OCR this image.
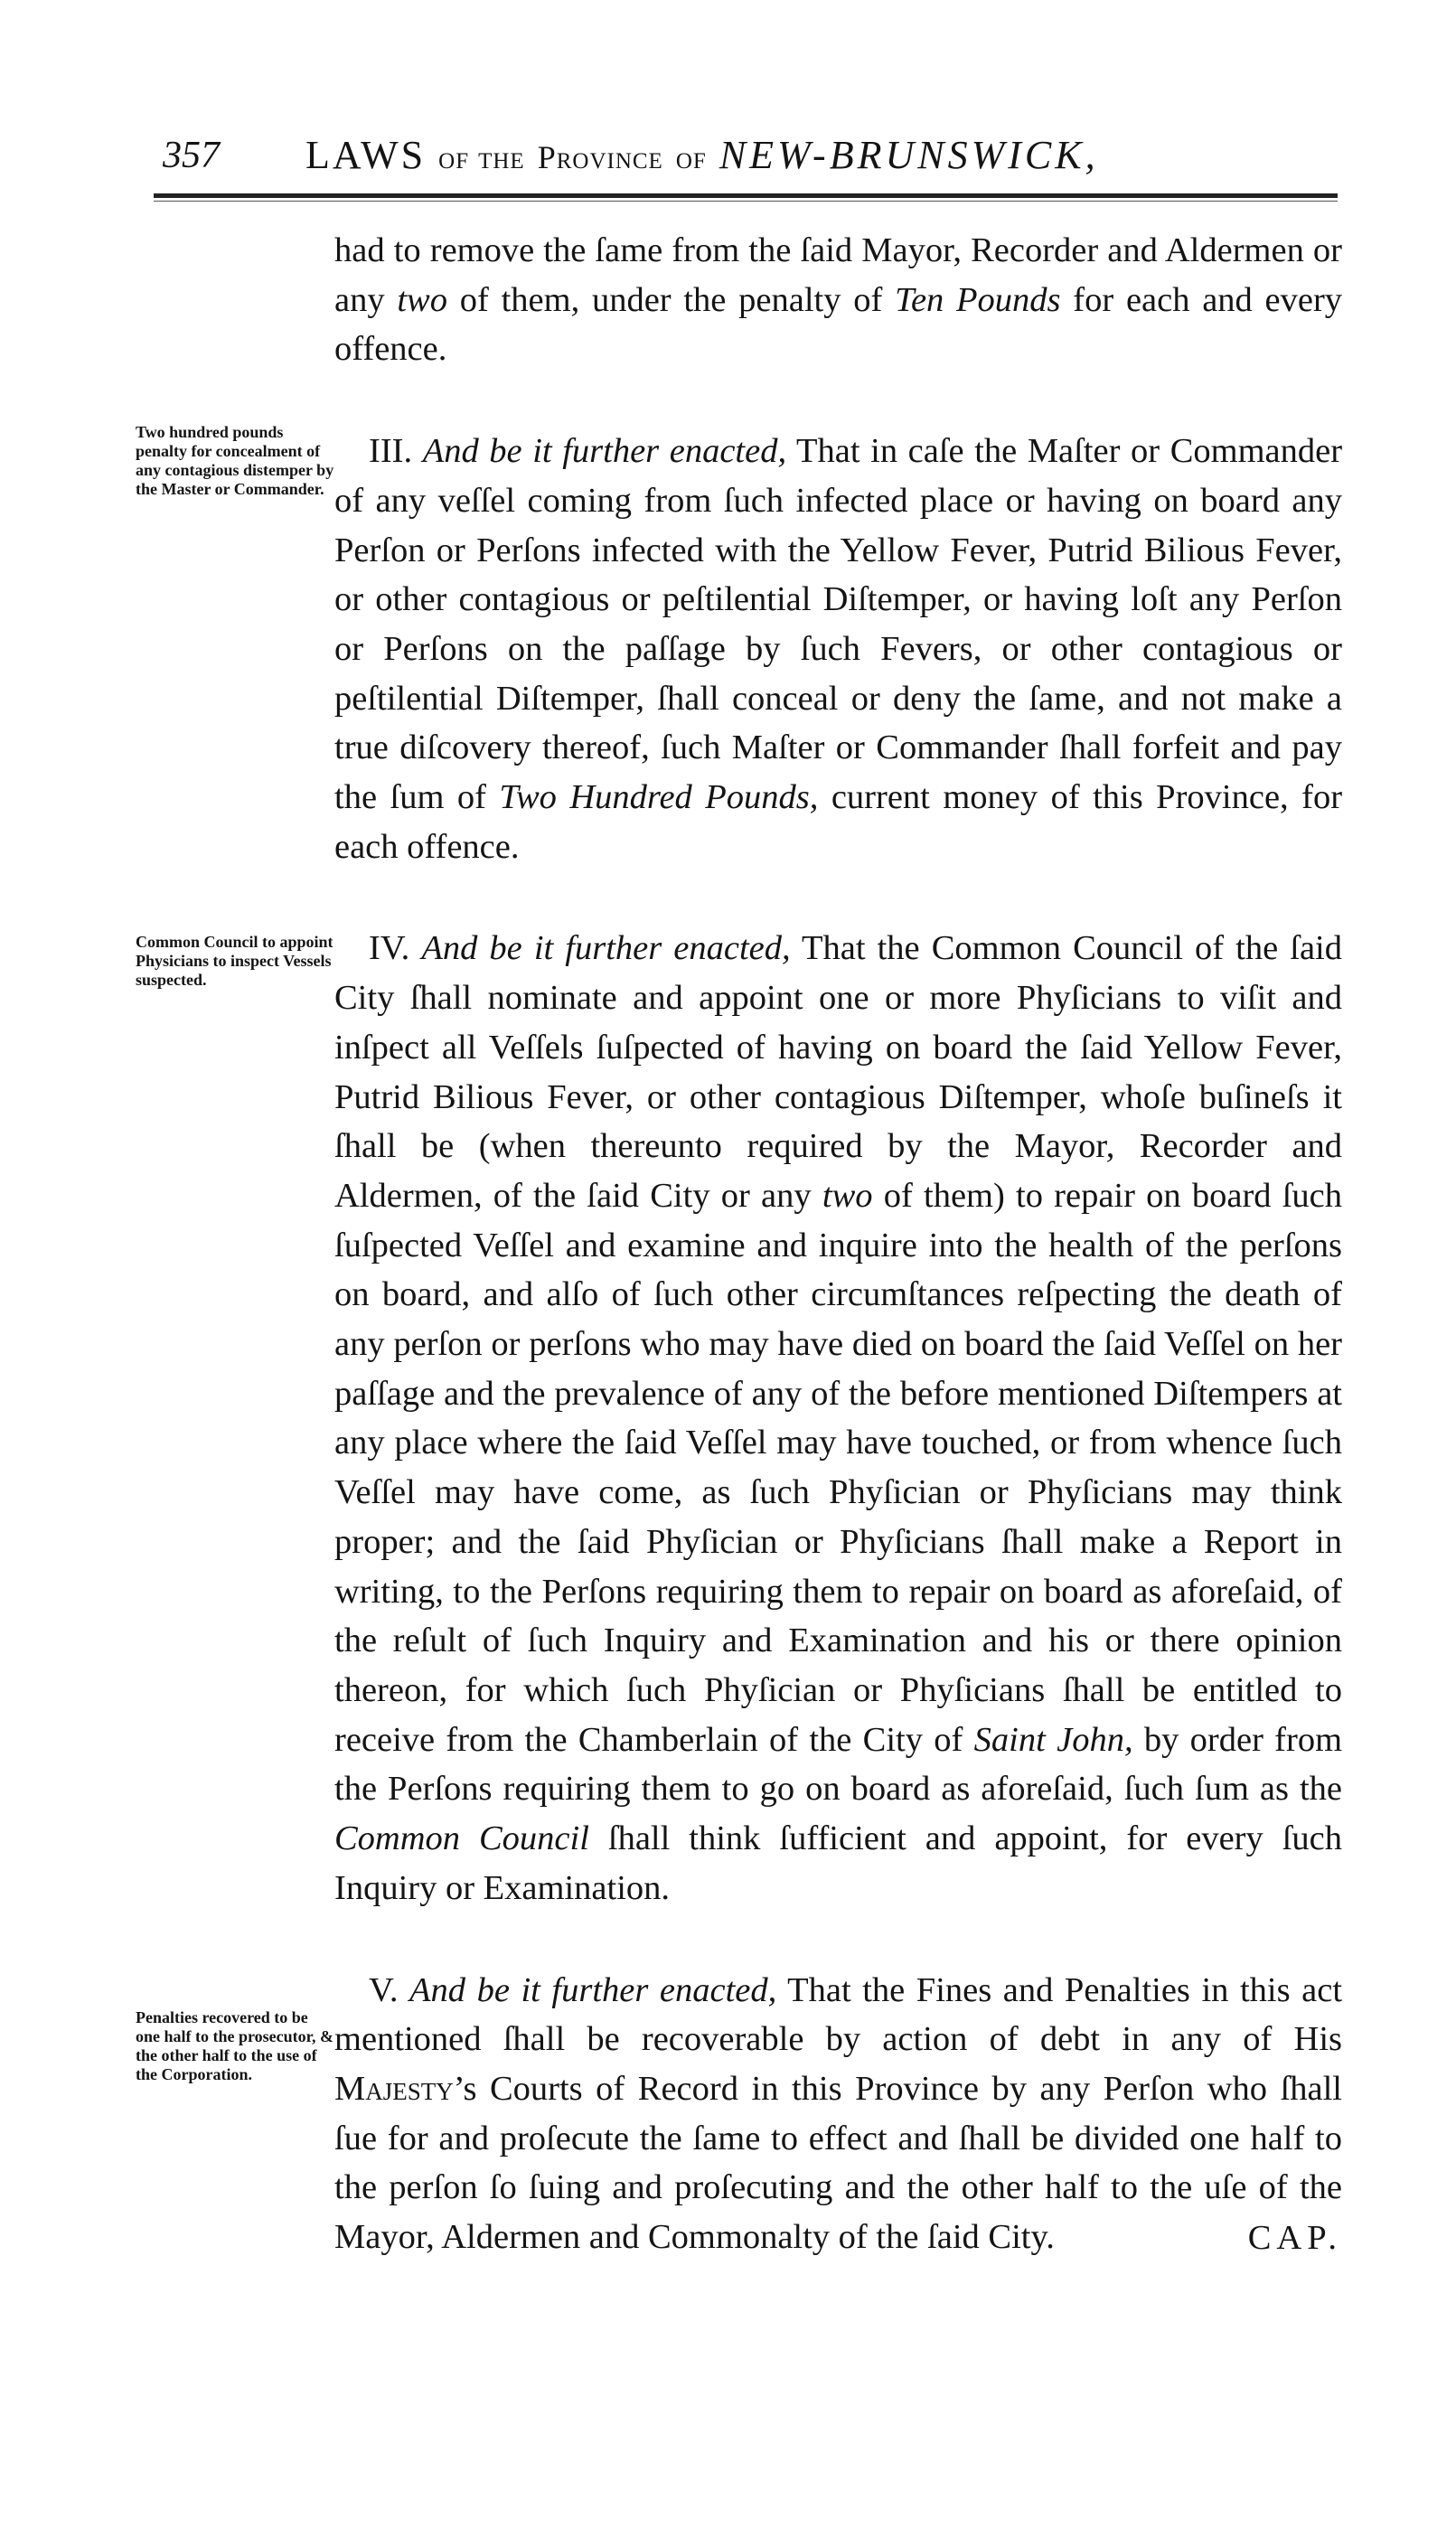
357 LAWS of the Province of NEW-BRUNSWICK,
Two hundred pounds penalty for concealment of any contagious distemper by the Master or Commander.
Common Council to appoint Physicians to inspect Vessels suspected.
Penalties recovered to be one half to the prosecutor, & the other half to the use of the Corporation.

had to remove the ſame from the ſaid Mayor, Recorder and Aldermen or any two of them, under the penalty of Ten Pounds for each and every offence.

III. And be it further enacted, That in caſe the Maſter or Commander of any veſſel coming from ſuch infected place or having on board any Perſon or Perſons infected with the Yellow Fever, Putrid Bilious Fever, or other contagious or peſtilential Diſtemper, or having loſt any Perſon or Perſons on the paſſage by ſuch Fevers, or other contagious or peſtilential Diſtemper, ſhall conceal or deny the ſame, and not make a true diſcovery thereof, ſuch Maſter or Commander ſhall forfeit and pay the ſum of Two Hundred Pounds, current money of this Province, for each offence.

IV. And be it further enacted, That the Common Council of the ſaid City ſhall nominate and appoint one or more Phyſicians to viſit and inſpect all Veſſels ſuſpected of having on board the ſaid Yellow Fever, Putrid Bilious Fever, or other contagious Diſtemper, whoſe buſineſs it ſhall be (when thereunto required by the Mayor, Recorder and Aldermen, of the ſaid City or any two of them) to repair on board ſuch ſuſpected Veſſel and examine and inquire into the health of the perſons on board, and alſo of ſuch other circumſtances reſpecting the death of any perſon or perſons who may have died on board the ſaid Veſſel on her paſſage and the prevalence of any of the before mentioned Diſtempers at any place where the ſaid Veſſel may have touched, or from whence ſuch Veſſel may have come, as ſuch Phyſician or Phyſicians may think proper; and the ſaid Phyſician or Phyſicians ſhall make a Report in writing, to the Perſons requiring them to repair on board as aforeſaid, of the reſult of ſuch Inquiry and Examination and his or there opinion thereon, for which ſuch Phyſician or Phyſicians ſhall be entitled to receive from the Chamberlain of the City of Saint John, by order from the Perſons requiring them to go on board as aforeſaid, ſuch ſum as the Common Council ſhall think ſufficient and appoint, for every ſuch Inquiry or Examination.

V. And be it further enacted, That the Fines and Penalties in this act mentioned ſhall be recoverable by action of debt in any of His Majesty’s Courts of Record in this Province by any Perſon who ſhall ſue for and proſecute the ſame to effect and ſhall be divided one half to the perſon ſo ſuing and proſecuting and the other half to the uſe of the Mayor, Aldermen and Commonalty of the ſaid City.	CAP.
